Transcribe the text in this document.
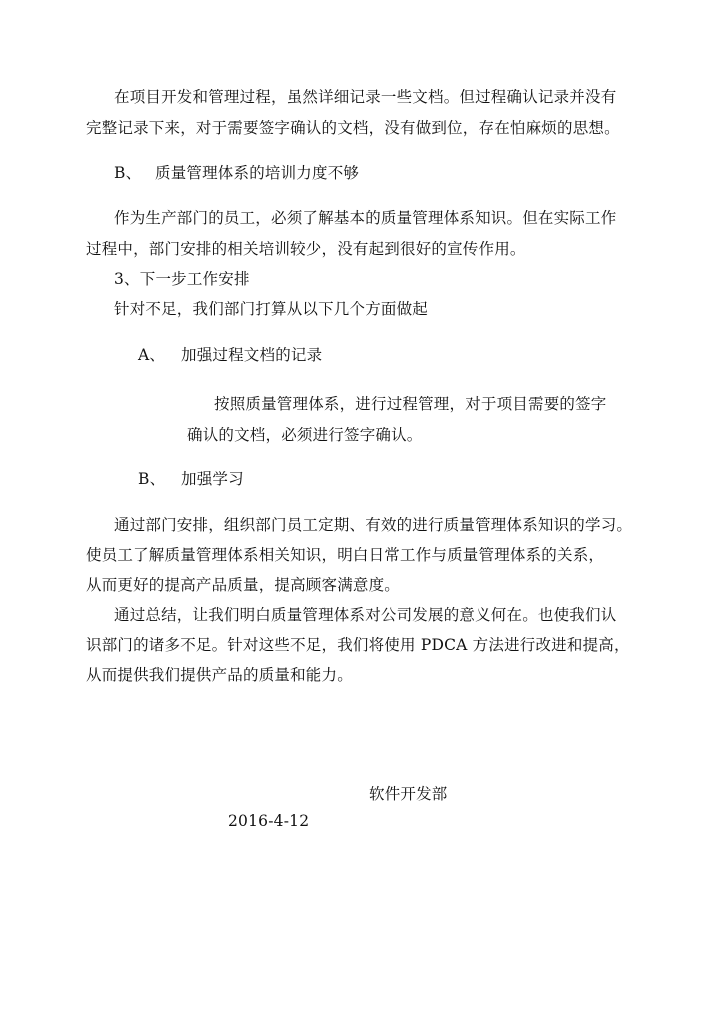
在项目开发和管理过程，虽然详细记录一些文档。但过程确认记录并没有
完整记录下来，对于需要签字确认的文档，没有做到位，存在怕麻烦的思想。
B、 质量管理体系的培训力度不够
作为生产部门的员工，必须了解基本的质量管理体系知识。但在实际工作
过程中，部门安排的相关培训较少，没有起到很好的宣传作用。
3、下一步工作安排
针对不足，我们部门打算从以下几个方面做起
A、 加强过程文档的记录
按照质量管理体系，进行过程管理，对于项目需要的签字
确认的文档，必须进行签字确认。
B、 加强学习
通过部门安排，组织部门员工定期、有效的进行质量管理体系知识的学习。
使员工了解质量管理体系相关知识，明白日常工作与质量管理体系的关系，
从而更好的提高产品质量，提高顾客满意度。
通过总结，让我们明白质量管理体系对公司发展的意义何在。也使我们认
识部门的诸多不足。针对这些不足，我们将使用 PDCA 方法进行改进和提高，
从而提供我们提供产品的质量和能力。
软件开发部
2016-4-12
